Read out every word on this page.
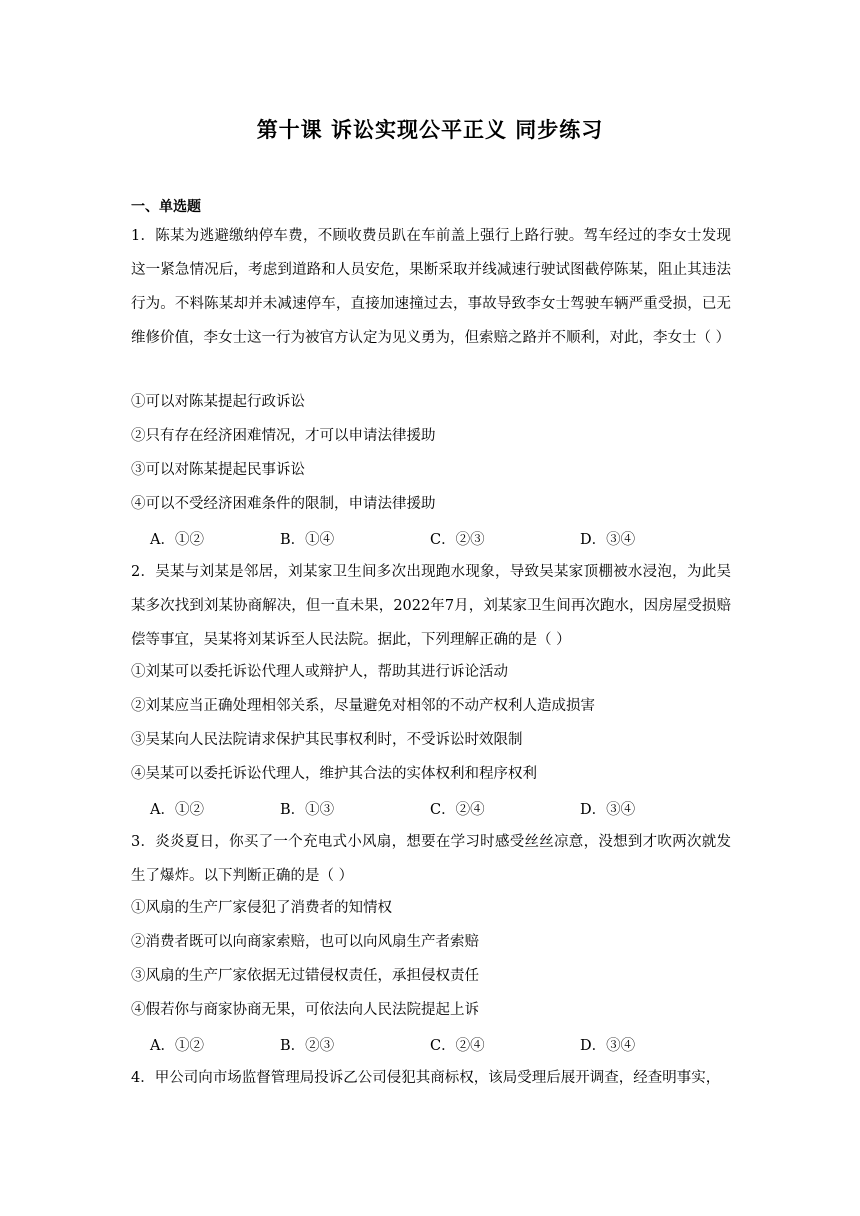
第十课 诉讼实现公平正义 同步练习
一、单选题
1．陈某为逃避缴纳停车费，不顾收费员趴在车前盖上强行上路行驶。驾车经过的李女士发现这一紧急情况后，考虑到道路和人员安危，果断采取并线减速行驶试图截停陈某，阻止其违法行为。不料陈某却并未减速停车，直接加速撞过去，事故导致李女士驾驶车辆严重受损，已无维修价值，李女士这一行为被官方认定为见义勇为，但索赔之路并不顺利，对此，李女士（ ）
①可以对陈某提起行政诉讼
②只有存在经济困难情况，才可以申请法律援助
③可以对陈某提起民事诉讼
④可以不受经济困难条件的限制，申请法律援助
A．①②	B．①④	C．②③	D．③④
2．吴某与刘某是邻居，刘某家卫生间多次出现跑水现象，导致吴某家顶棚被水浸泡，为此吴某多次找到刘某协商解决，但一直未果，2022年7月，刘某家卫生间再次跑水，因房屋受损赔偿等事宜，吴某将刘某诉至人民法院。据此，下列理解正确的是（ ）
①刘某可以委托诉讼代理人或辩护人，帮助其进行诉论活动
②刘某应当正确处理相邻关系，尽量避免对相邻的不动产权利人造成损害
③吴某向人民法院请求保护其民事权利时，不受诉讼时效限制
④吴某可以委托诉讼代理人，维护其合法的实体权利和程序权利
A．①②	B．①③	C．②④	D．③④
3．炎炎夏日，你买了一个充电式小风扇，想要在学习时感受丝丝凉意，没想到才吹两次就发生了爆炸。以下判断正确的是（ ）
①风扇的生产厂家侵犯了消费者的知情权
②消费者既可以向商家索赔，也可以向风扇生产者索赔
③风扇的生产厂家依据无过错侵权责任，承担侵权责任
④假若你与商家协商无果，可依法向人民法院提起上诉
A．①②	B．②③	C．②④	D．③④
4．甲公司向市场监督管理局投诉乙公司侵犯其商标权，该局受理后展开调查，经查明事实，
